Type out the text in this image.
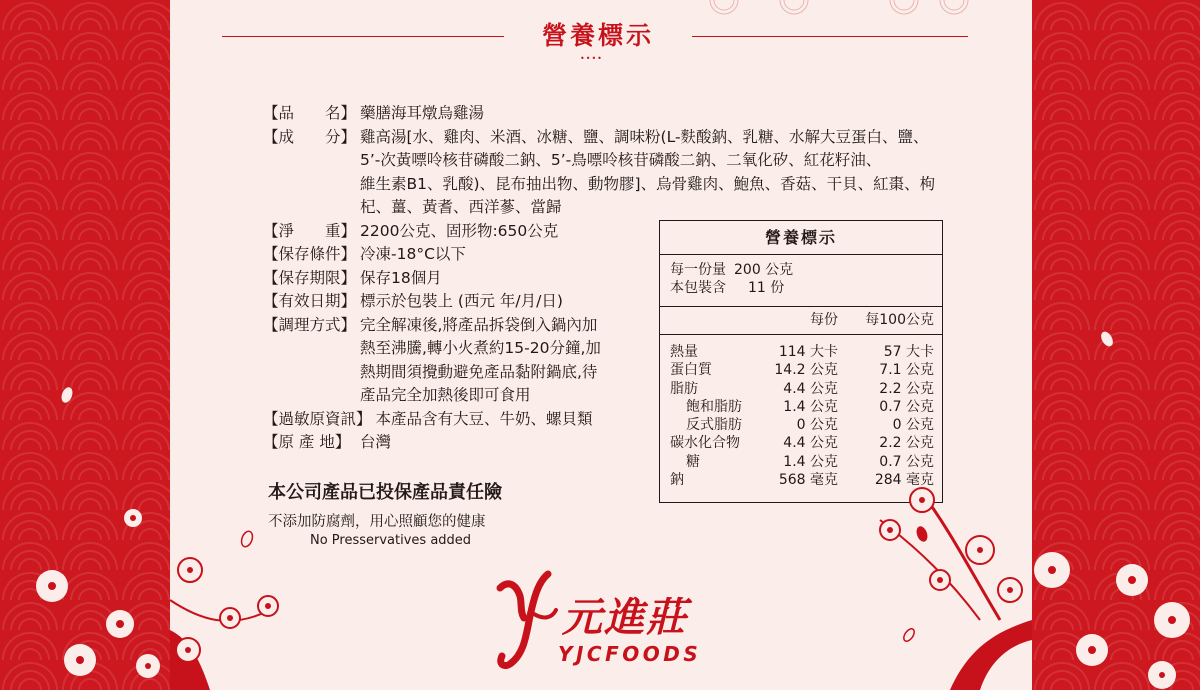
營養標示
••••
【品　　名】 藥膳海耳燉烏雞湯
【成　　分】 雞高湯[水、雞肉、米酒、冰糖、鹽、調味粉(L-麩酸鈉、乳糖、水解大豆蛋白、鹽、
5’-次黃嘌呤核苷磷酸二鈉、5’-鳥嘌呤核苷磷酸二鈉、二氧化矽、紅花籽油、
維生素B1、乳酸)、昆布抽出物、動物膠]、烏骨雞肉、鮑魚、香菇、干貝、紅棗、枸
杞、薑、黃耆、西洋蔘、當歸
【淨　　重】 2200公克、固形物:650公克
【保存條件】 冷凍-18°C以下
【保存期限】 保存18個月
【有效日期】 標示於包裝上 (西元 年/月/日)
【調理方式】 完全解凍後,將產品拆袋倒入鍋內加
熱至沸騰,轉小火煮約15-20分鐘,加
熱期間須攪動避免產品黏附鍋底,待
產品完全加熱後即可食用
【過敏原資訊】 本產品含有大豆、牛奶、螺貝類
【原 產 地】 台灣
本公司產品已投保產品責任險
不添加防腐劑，用心照顧您的健康
No Presservatives added
營養標示
每一份量 200 公克
本包裝含 11 份
每份 每100公克
熱量	114 大卡	57 大卡
蛋白質	14.2 公克	7.1 公克
脂肪	4.4 公克	2.2 公克
飽和脂肪	1.4 公克	0.7 公克
反式脂肪	0 公克	0 公克
碳水化合物	4.4 公克	2.2 公克
糖	1.4 公克	0.7 公克
鈉	568 毫克	284 毫克
元進莊
YJCFOODS
